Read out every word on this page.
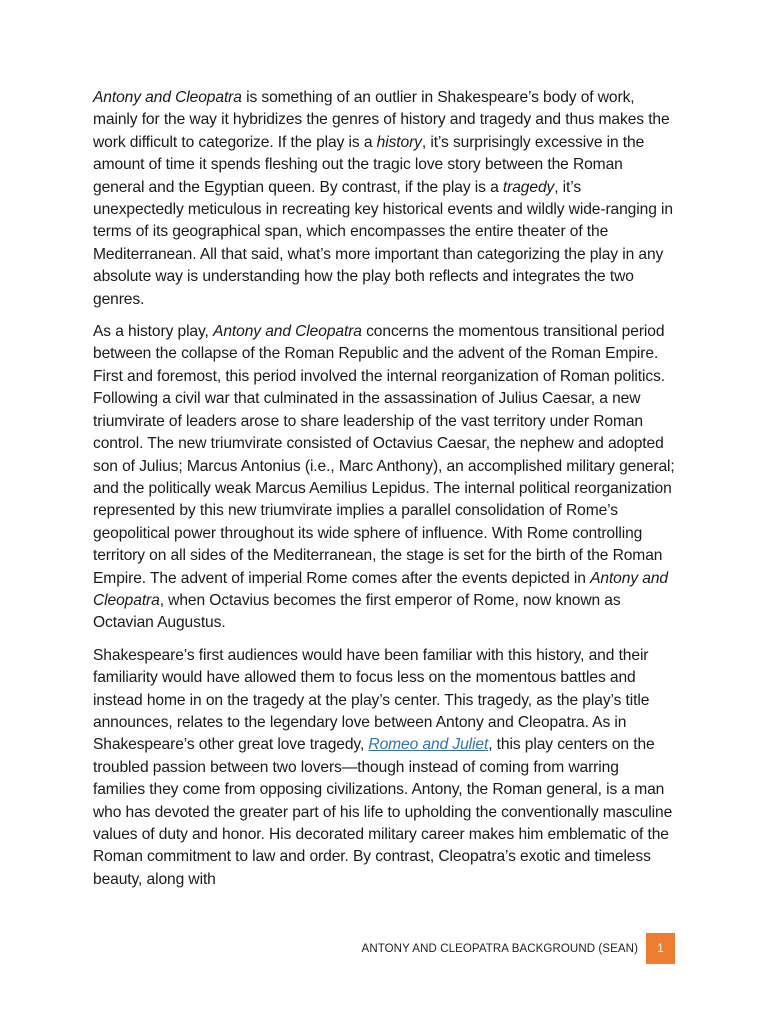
Antony and Cleopatra is something of an outlier in Shakespeare’s body of work, mainly for the way it hybridizes the genres of history and tragedy and thus makes the work difficult to categorize. If the play is a history, it’s surprisingly excessive in the amount of time it spends fleshing out the tragic love story between the Roman general and the Egyptian queen. By contrast, if the play is a tragedy, it’s unexpectedly meticulous in recreating key historical events and wildly wide-ranging in terms of its geographical span, which encompasses the entire theater of the Mediterranean. All that said, what’s more important than categorizing the play in any absolute way is understanding how the play both reflects and integrates the two genres.

As a history play, Antony and Cleopatra concerns the momentous transitional period between the collapse of the Roman Republic and the advent of the Roman Empire. First and foremost, this period involved the internal reorganization of Roman politics. Following a civil war that culminated in the assassination of Julius Caesar, a new triumvirate of leaders arose to share leadership of the vast territory under Roman control. The new triumvirate consisted of Octavius Caesar, the nephew and adopted son of Julius; Marcus Antonius (i.e., Marc Anthony), an accomplished military general; and the politically weak Marcus Aemilius Lepidus. The internal political reorganization represented by this new triumvirate implies a parallel consolidation of Rome’s geopolitical power throughout its wide sphere of influence. With Rome controlling territory on all sides of the Mediterranean, the stage is set for the birth of the Roman Empire. The advent of imperial Rome comes after the events depicted in Antony and Cleopatra, when Octavius becomes the first emperor of Rome, now known as Octavian Augustus.

Shakespeare’s first audiences would have been familiar with this history, and their familiarity would have allowed them to focus less on the momentous battles and instead home in on the tragedy at the play’s center. This tragedy, as the play’s title announces, relates to the legendary love between Antony and Cleopatra. As in Shakespeare’s other great love tragedy, Romeo and Juliet, this play centers on the troubled passion between two lovers—though instead of coming from warring families they come from opposing civilizations. Antony, the Roman general, is a man who has devoted the greater part of his life to upholding the conventionally masculine values of duty and honor. His decorated military career makes him emblematic of the Roman commitment to law and order. By contrast, Cleopatra’s exotic and timeless beauty, along with

ANTONY AND CLEOPATRA BACKGROUND (SEAN)	1
